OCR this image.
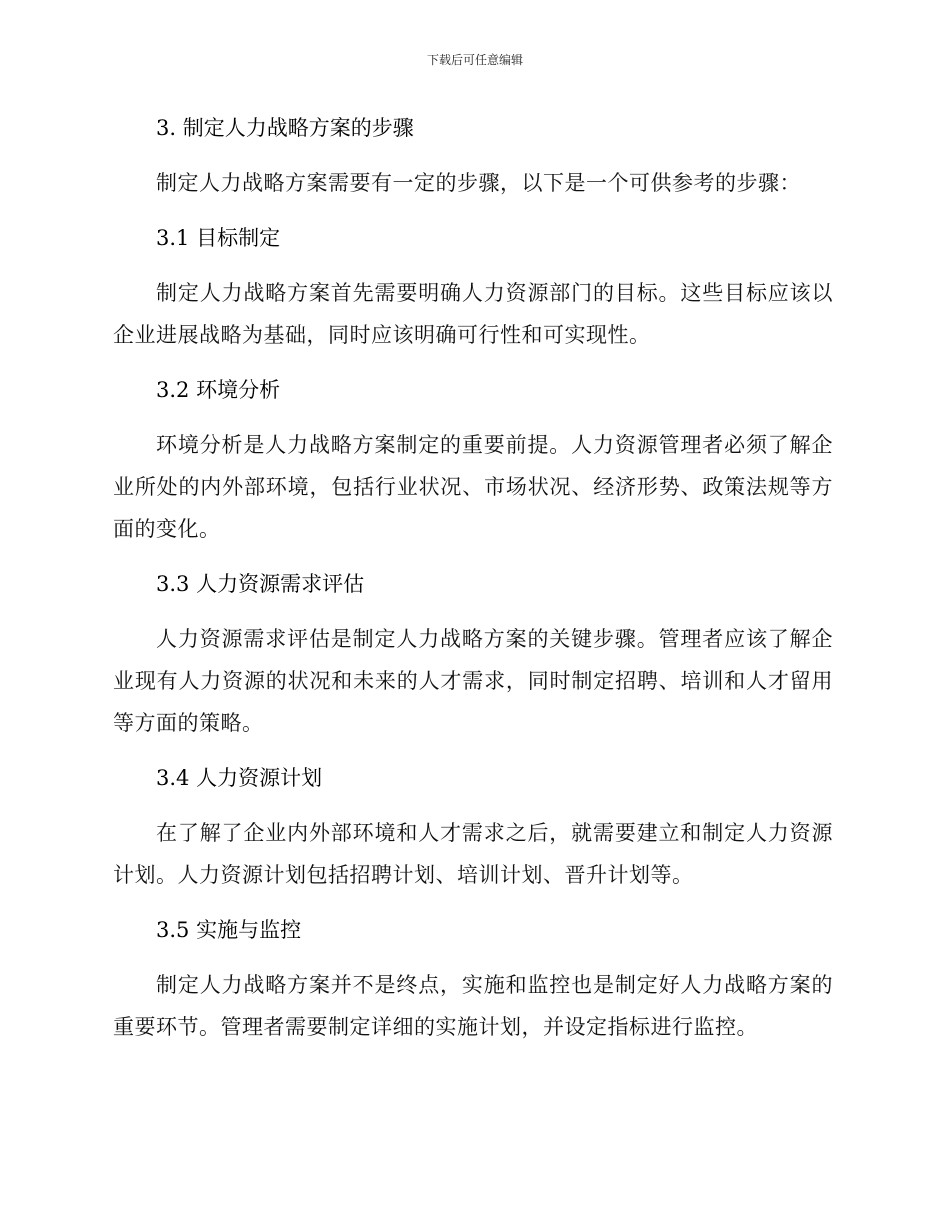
下载后可任意编辑
3. 制定人力战略方案的步骤

制定人力战略方案需要有一定的步骤，以下是一个可供参考的步骤：

3.1 目标制定

制定人力战略方案首先需要明确人力资源部门的目标。这些目标应该以企业进展战略为基础，同时应该明确可行性和可实现性。

3.2 环境分析

环境分析是人力战略方案制定的重要前提。人力资源管理者必须了解企业所处的内外部环境，包括行业状况、市场状况、经济形势、政策法规等方面的变化。

3.3 人力资源需求评估

人力资源需求评估是制定人力战略方案的关键步骤。管理者应该了解企业现有人力资源的状况和未来的人才需求，同时制定招聘、培训和人才留用等方面的策略。

3.4 人力资源计划

在了解了企业内外部环境和人才需求之后，就需要建立和制定人力资源计划。人力资源计划包括招聘计划、培训计划、晋升计划等。

3.5 实施与监控

制定人力战略方案并不是终点，实施和监控也是制定好人力战略方案的重要环节。管理者需要制定详细的实施计划，并设定指标进行监控。
